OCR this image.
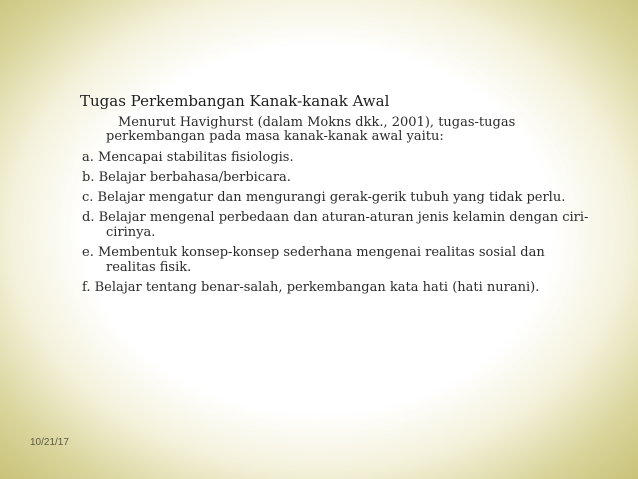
Tugas Perkembangan Kanak-kanak Awal
Menurut Havighurst (dalam Mokns dkk., 2001), tugas-tugas
perkembangan pada masa kanak-kanak awal yaitu:
a. Mencapai stabilitas fisiologis.
b. Belajar berbahasa/berbicara.
c. Belajar mengatur dan mengurangi gerak-gerik tubuh yang tidak perlu.
d. Belajar mengenal perbedaan dan aturan-aturan jenis kelamin dengan ciri-cirinya.
e. Membentuk konsep-konsep sederhana mengenai realitas sosial dan realitas fisik.
f. Belajar tentang benar-salah, perkembangan kata hati (hati nurani).
10/21/17
